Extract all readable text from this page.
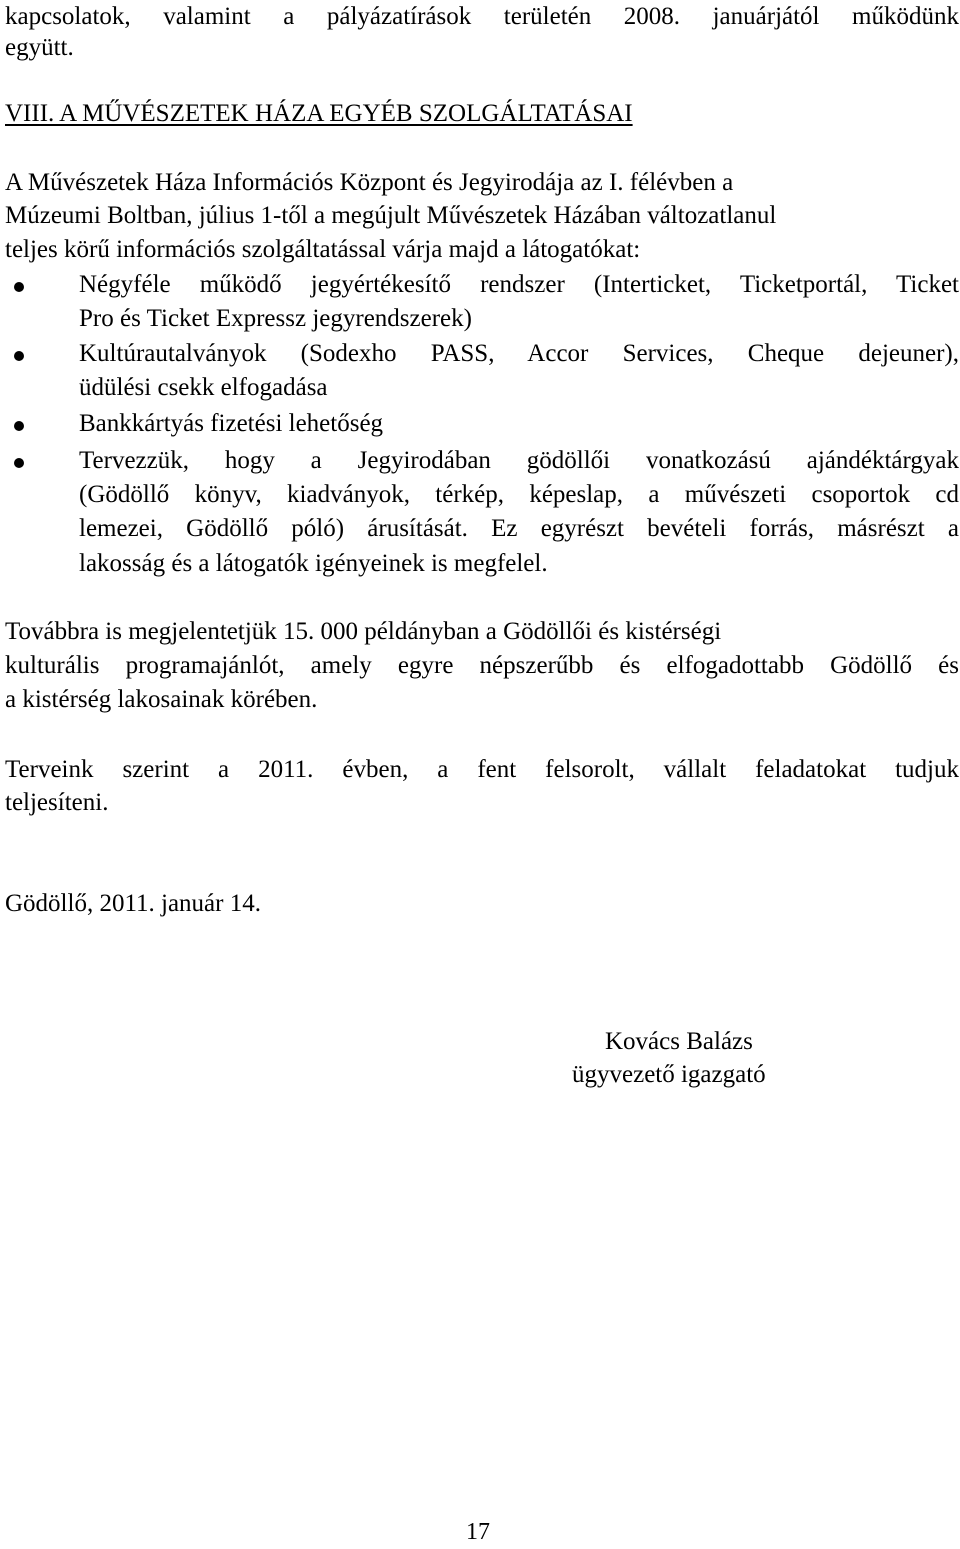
kapcsolatok, valamint a pályázatírások területén 2008. januárjától működünk
együtt.
VIII. A MŰVÉSZETEK HÁZA EGYÉB SZOLGÁLTATÁSAI
A Művészetek Háza Információs Központ és Jegyirodája az I. félévben a
Múzeumi Boltban, július 1-től a megújult Művészetek Házában változatlanul
teljes körű információs szolgáltatással várja majd a látogatókat:
Négyféle működő jegyértékesítő rendszer (Interticket, Ticketportál, Ticket
Pro és Ticket Expressz jegyrendszerek)
Kultúrautalványok (Sodexho PASS, Accor Services, Cheque dejeuner),
üdülési csekk elfogadása
Bankkártyás fizetési lehetőség
Tervezzük, hogy a Jegyirodában gödöllői vonatkozású ajándéktárgyak
(Gödöllő könyv, kiadványok, térkép, képeslap, a művészeti csoportok cd
lemezei, Gödöllő póló) árusítását. Ez egyrészt bevételi forrás, másrészt a
lakosság és a látogatók igényeinek is megfelel.
Továbbra is megjelentetjük 15. 000 példányban a Gödöllői és kistérségi
kulturális programajánlót, amely egyre népszerűbb és elfogadottabb Gödöllő és
a kistérség lakosainak körében.
Terveink szerint a 2011. évben, a fent felsorolt, vállalt feladatokat tudjuk
teljesíteni.
Gödöllő, 2011. január 14.
Kovács Balázs
ügyvezető igazgató
17
